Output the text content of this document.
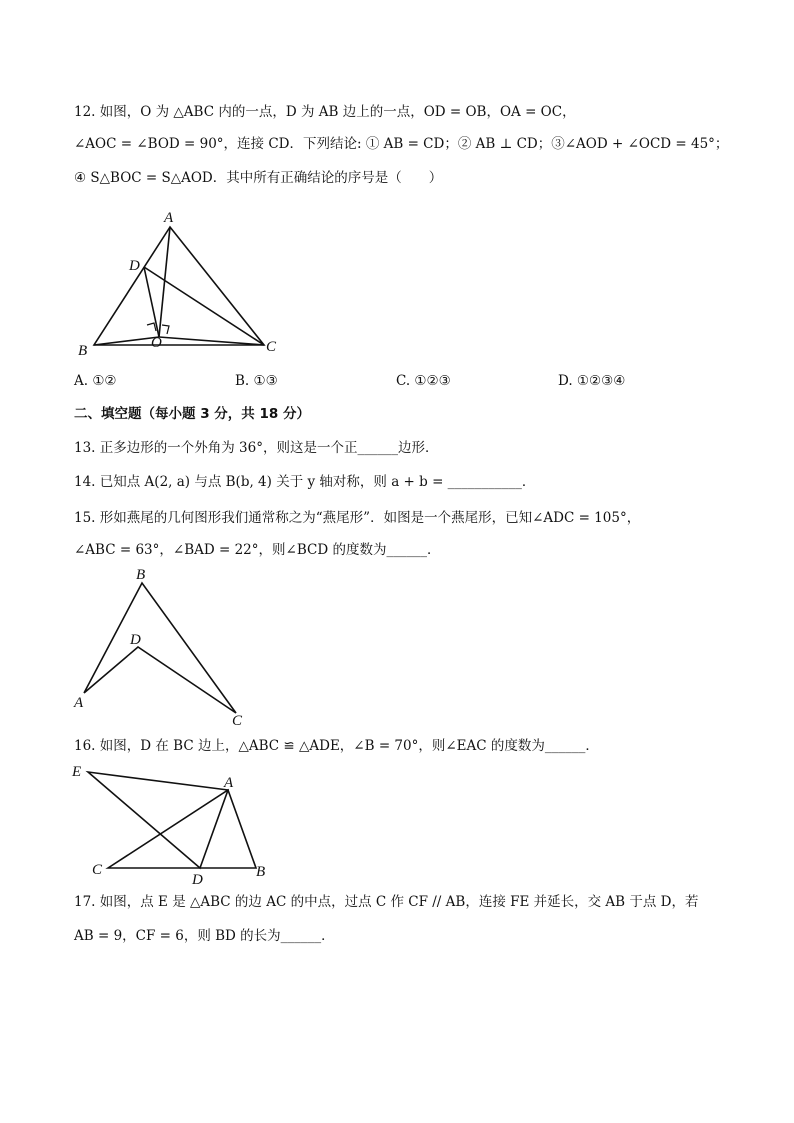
12. 如图，O 为 △ABC 内的一点，D 为 AB 边上的一点，OD = OB，OA = OC，
∠AOC = ∠BOD = 90°，连接 CD．下列结论: ① AB = CD；② AB ⊥ CD；③∠AOD + ∠OCD = 45°；
④ S△BOC = S△AOD．其中所有正确结论的序号是（　　）
A
D
B	O	C
A. ①②	B. ①③	C. ①②③	D. ①②③④
二、填空题（每小题 3 分，共 18 分）
13. 正多边形的一个外角为 36°，则这是一个正______边形．
14. 已知点 A(2, a) 与点 B(b, 4) 关于 y 轴对称，则 a + b = ___________．
15. 形如燕尾的几何图形我们通常称之为“燕尾形”．如图是一个燕尾形，已知∠ADC = 105°，
∠ABC = 63°，∠BAD = 22°，则∠BCD 的度数为______．
B
D
A
C
16. 如图，D 在 BC 边上，△ABC ≌ △ADE，∠B = 70°，则∠EAC 的度数为______．
E
A
C
D	B
17. 如图，点 E 是 △ABC 的边 AC 的中点，过点 C 作 CF // AB，连接 FE 并延长，交 AB 于点 D，若
AB = 9，CF = 6，则 BD 的长为______．
